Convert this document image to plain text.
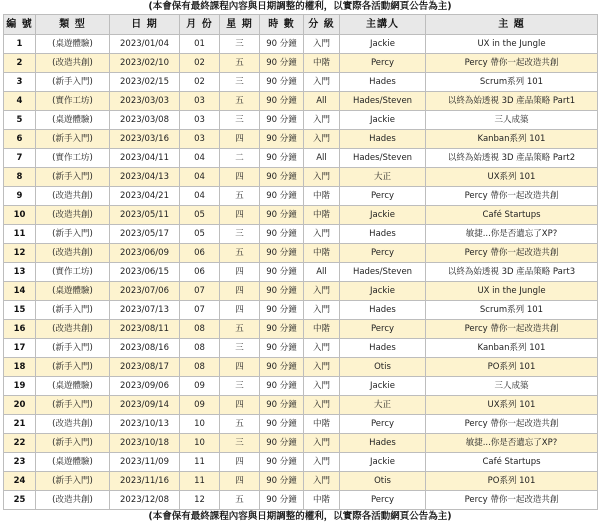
(本會保有最終課程內容與日期調整的權利，以實際各活動網頁公告為主)
編 號	類 型	日 期	月 份	星 期	時 數	分 級	主講人	主 題
1	(桌遊體驗)	2023/01/04	01	三	90 分鐘	入門	Jackie	UX in the Jungle
2	(改造共創)	2023/02/10	02	五	90 分鐘	中階	Percy	Percy 帶你一起改造共創
3	(新手入門)	2023/02/15	02	三	90 分鐘	入門	Hades	Scrum系列 101
4	(實作工坊)	2023/03/03	03	五	90 分鐘	All	Hades/Steven	以終為始透視 3D 產品策略 Part1
5	(桌遊體驗)	2023/03/08	03	三	90 分鐘	入門	Jackie	三人成築
6	(新手入門)	2023/03/16	03	四	90 分鐘	入門	Hades	Kanban系列 101
7	(實作工坊)	2023/04/11	04	二	90 分鐘	All	Hades/Steven	以終為始透視 3D 產品策略 Part2
8	(新手入門)	2023/04/13	04	四	90 分鐘	入門	大正	UX系列 101
9	(改造共創)	2023/04/21	04	五	90 分鐘	中階	Percy	Percy 帶你一起改造共創
10	(改造共創)	2023/05/11	05	四	90 分鐘	中階	Jackie	Café Startups
11	(新手入門)	2023/05/17	05	三	90 分鐘	入門	Hades	敏捷...你是否遺忘了XP?
12	(改造共創)	2023/06/09	06	五	90 分鐘	中階	Percy	Percy 帶你一起改造共創
13	(實作工坊)	2023/06/15	06	四	90 分鐘	All	Hades/Steven	以終為始透視 3D 產品策略 Part3
14	(桌遊體驗)	2023/07/06	07	四	90 分鐘	入門	Jackie	UX in the Jungle
15	(新手入門)	2023/07/13	07	四	90 分鐘	入門	Hades	Scrum系列 101
16	(改造共創)	2023/08/11	08	五	90 分鐘	中階	Percy	Percy 帶你一起改造共創
17	(新手入門)	2023/08/16	08	三	90 分鐘	入門	Hades	Kanban系列 101
18	(新手入門)	2023/08/17	08	四	90 分鐘	入門	Otis	PO系列 101
19	(桌遊體驗)	2023/09/06	09	三	90 分鐘	入門	Jackie	三人成築
20	(新手入門)	2023/09/14	09	四	90 分鐘	入門	大正	UX系列 101
21	(改造共創)	2023/10/13	10	五	90 分鐘	中階	Percy	Percy 帶你一起改造共創
22	(新手入門)	2023/10/18	10	三	90 分鐘	入門	Hades	敏捷...你是否遺忘了XP?
23	(桌遊體驗)	2023/11/09	11	四	90 分鐘	入門	Jackie	Café Startups
24	(新手入門)	2023/11/16	11	四	90 分鐘	入門	Otis	PO系列 101
25	(改造共創)	2023/12/08	12	五	90 分鐘	中階	Percy	Percy 帶你一起改造共創
(本會保有最終課程內容與日期調整的權利，以實際各活動網頁公告為主)
